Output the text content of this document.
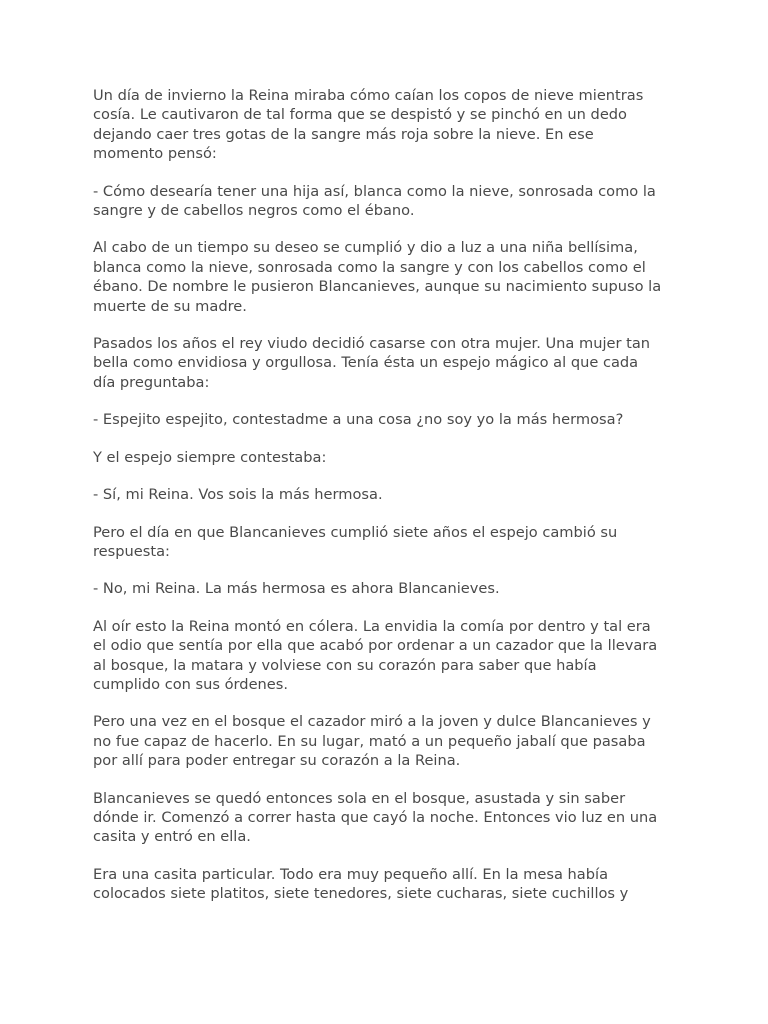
Un día de invierno la Reina miraba cómo caían los copos de nieve mientras
cosía. Le cautivaron de tal forma que se despistó y se pinchó en un dedo
dejando caer tres gotas de la sangre más roja sobre la nieve. En ese
momento pensó:

- Cómo desearía tener una hija así, blanca como la nieve, sonrosada como la
sangre y de cabellos negros como el ébano.

Al cabo de un tiempo su deseo se cumplió y dio a luz a una niña bellísima,
blanca como la nieve, sonrosada como la sangre y con los cabellos como el
ébano. De nombre le pusieron Blancanieves, aunque su nacimiento supuso la
muerte de su madre.

Pasados los años el rey viudo decidió casarse con otra mujer. Una mujer tan
bella como envidiosa y orgullosa. Tenía ésta un espejo mágico al que cada
día preguntaba:

- Espejito espejito, contestadme a una cosa ¿no soy yo la más hermosa?

Y el espejo siempre contestaba:

- Sí, mi Reina. Vos sois la más hermosa.

Pero el día en que Blancanieves cumplió siete años el espejo cambió su
respuesta:

- No, mi Reina. La más hermosa es ahora Blancanieves.

Al oír esto la Reina montó en cólera. La envidia la comía por dentro y tal era
el odio que sentía por ella que acabó por ordenar a un cazador que la llevara
al bosque, la matara y volviese con su corazón para saber que había
cumplido con sus órdenes.

Pero una vez en el bosque el cazador miró a la joven y dulce Blancanieves y
no fue capaz de hacerlo. En su lugar, mató a un pequeño jabalí que pasaba
por allí para poder entregar su corazón a la Reina.

Blancanieves se quedó entonces sola en el bosque, asustada y sin saber
dónde ir. Comenzó a correr hasta que cayó la noche. Entonces vio luz en una
casita y entró en ella.

Era una casita particular. Todo era muy pequeño allí. En la mesa había
colocados siete platitos, siete tenedores, siete cucharas, siete cuchillos y
